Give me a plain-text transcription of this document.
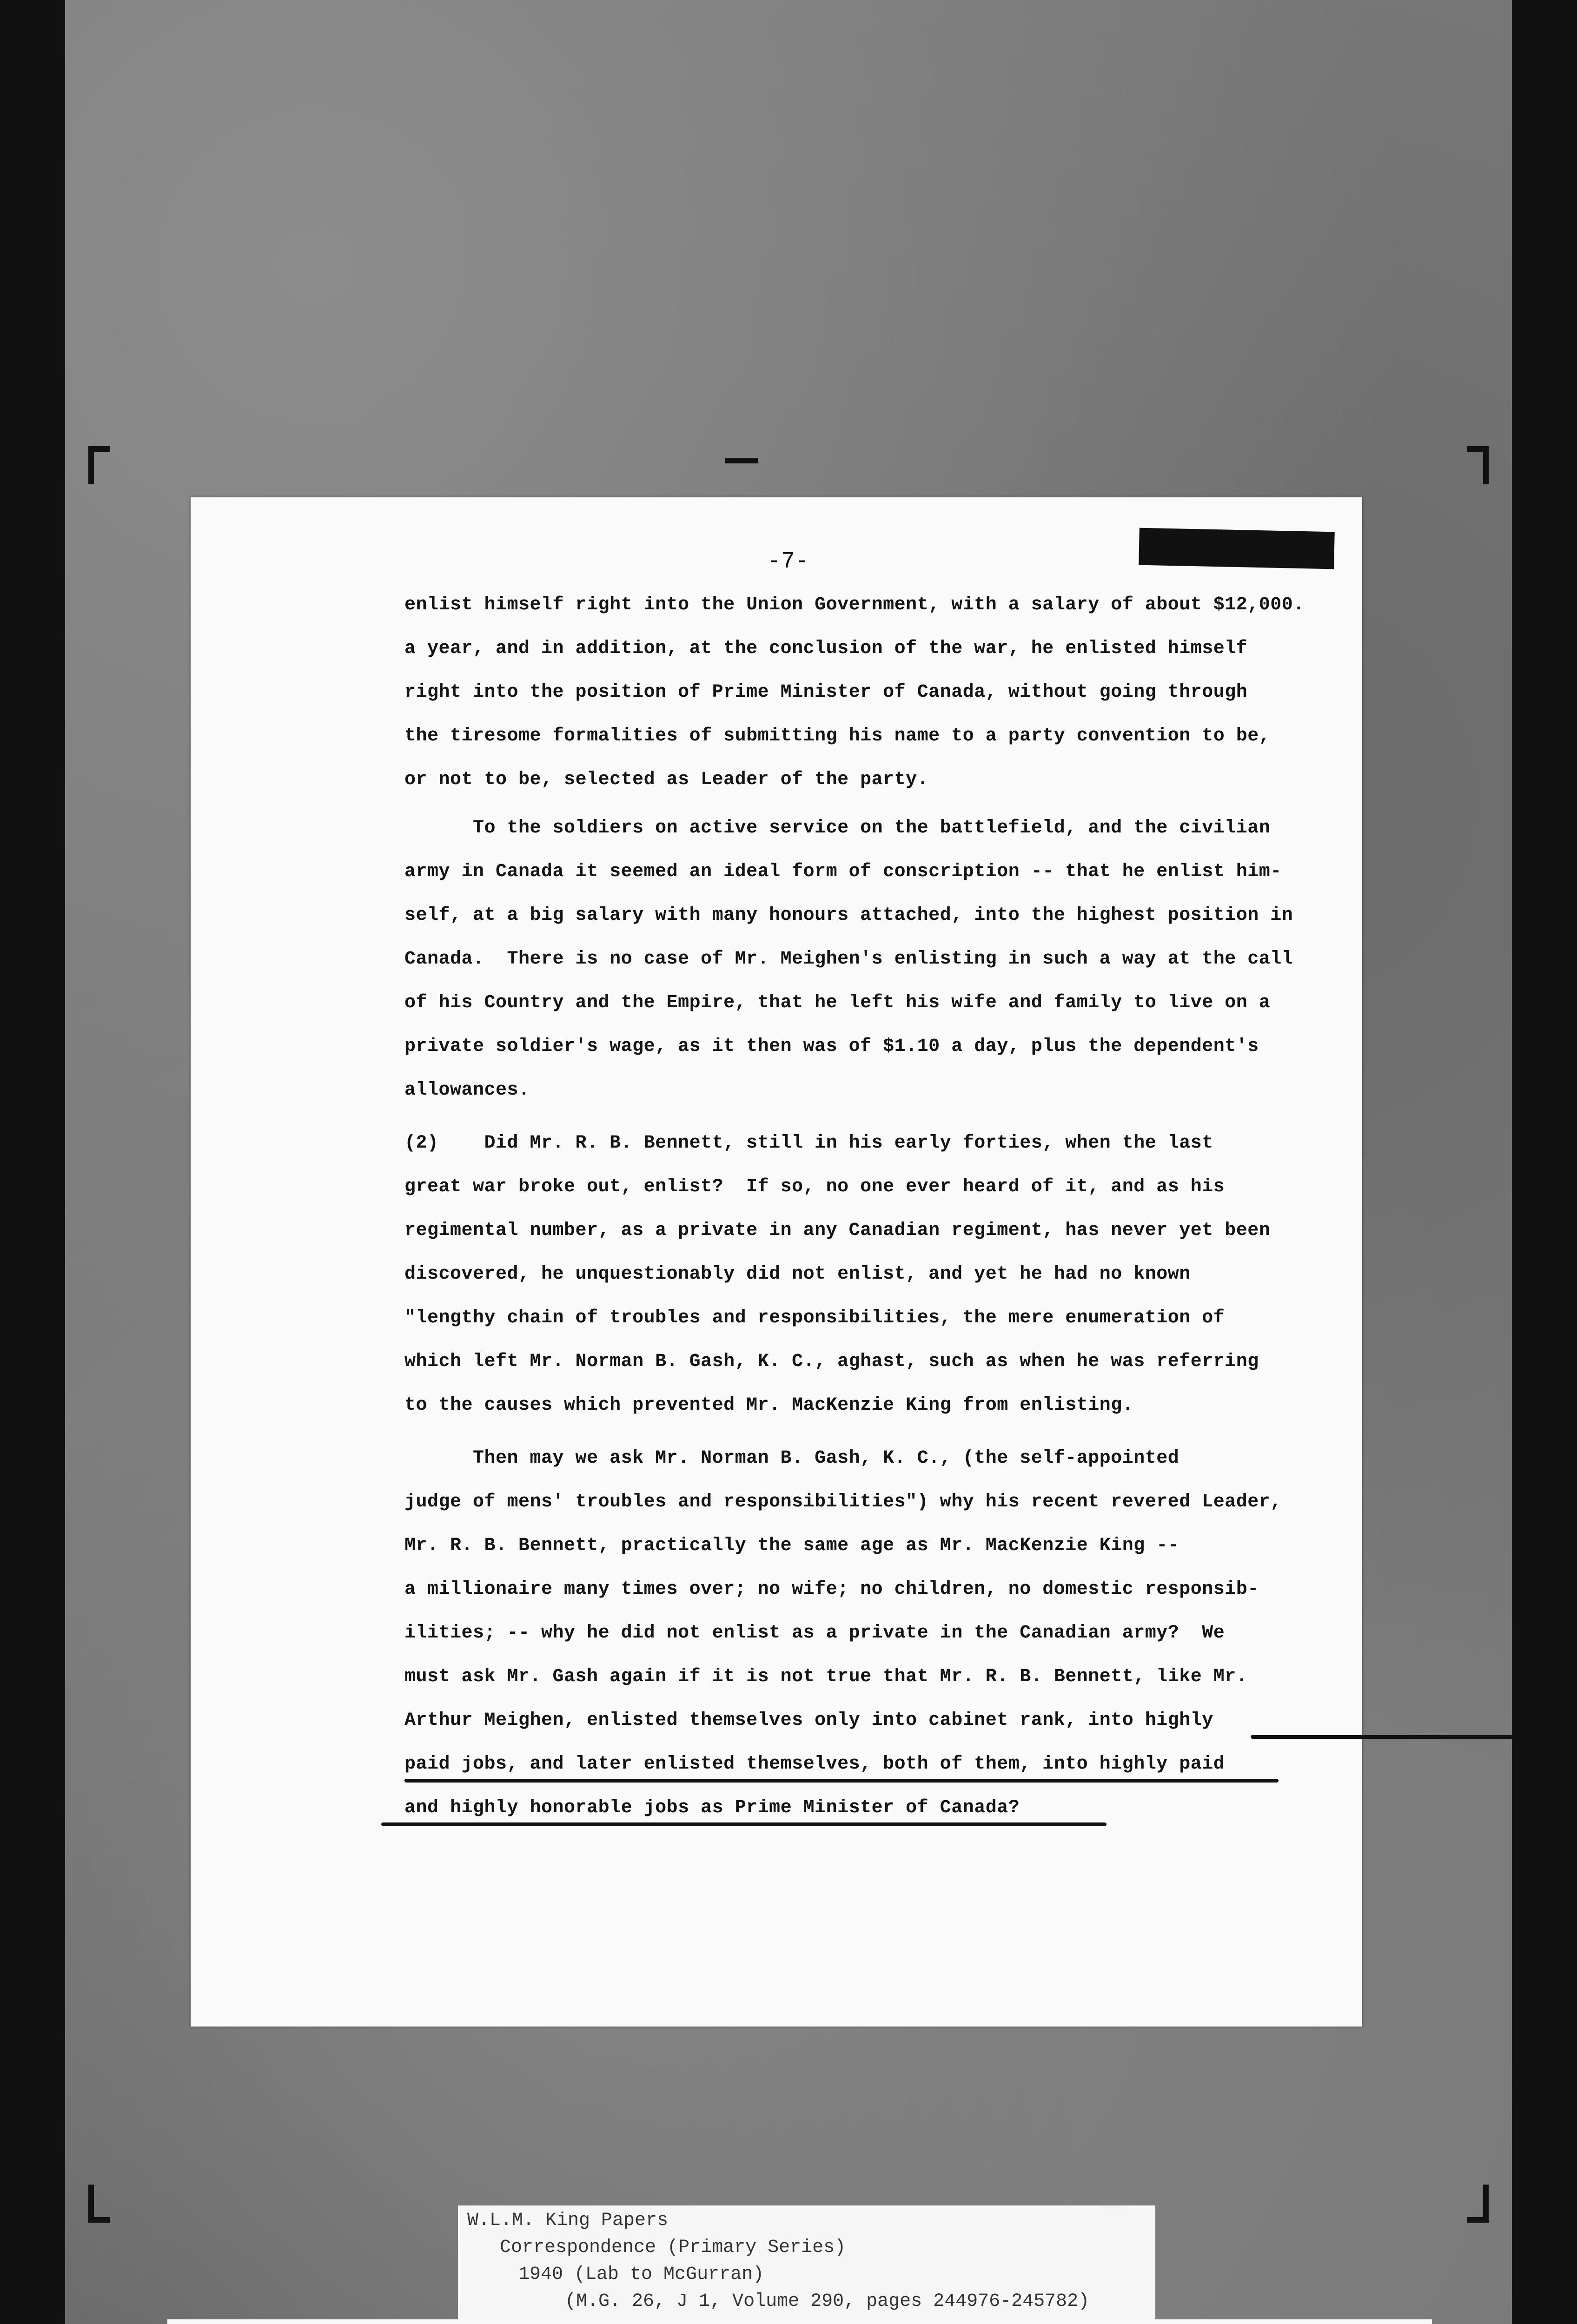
-7-
enlist himself right into the Union Government, with a salary of about $12,000.
a year, and in addition, at the conclusion of the war, he enlisted himself
right into the position of Prime Minister of Canada, without going through
the tiresome formalities of submitting his name to a party convention to be,
or not to be, selected as Leader of the party.
To the soldiers on active service on the battlefield, and the civilian
army in Canada it seemed an ideal form of conscription -- that he enlist him-
self, at a big salary with many honours attached, into the highest position in
Canada.  There is no case of Mr. Meighen's enlisting in such a way at the call
of his Country and the Empire, that he left his wife and family to live on a
private soldier's wage, as it then was of $1.10 a day, plus the dependent's
allowances.
(2)    Did Mr. R. B. Bennett, still in his early forties, when the last
great war broke out, enlist?  If so, no one ever heard of it, and as his
regimental number, as a private in any Canadian regiment, has never yet been
discovered, he unquestionably did not enlist, and yet he had no known
"lengthy chain of troubles and responsibilities, the mere enumeration of
which left Mr. Norman B. Gash, K. C., aghast, such as when he was referring
to the causes which prevented Mr. MacKenzie King from enlisting.
Then may we ask Mr. Norman B. Gash, K. C., (the self-appointed
judge of mens' troubles and responsibilities") why his recent revered Leader,
Mr. R. B. Bennett, practically the same age as Mr. MacKenzie King --
a millionaire many times over; no wife; no children, no domestic responsib-
ilities; -- why he did not enlist as a private in the Canadian army?  We
must ask Mr. Gash again if it is not true that Mr. R. B. Bennett, like Mr.
Arthur Meighen, enlisted themselves only into cabinet rank, into highly
paid jobs, and later enlisted themselves, both of them, into highly paid
and highly honorable jobs as Prime Minister of Canada?
W.L.M. King Papers
Correspondence (Primary Series)
1940 (Lab to McGurran)
(M.G. 26, J 1, Volume 290, pages 244976-245782)
